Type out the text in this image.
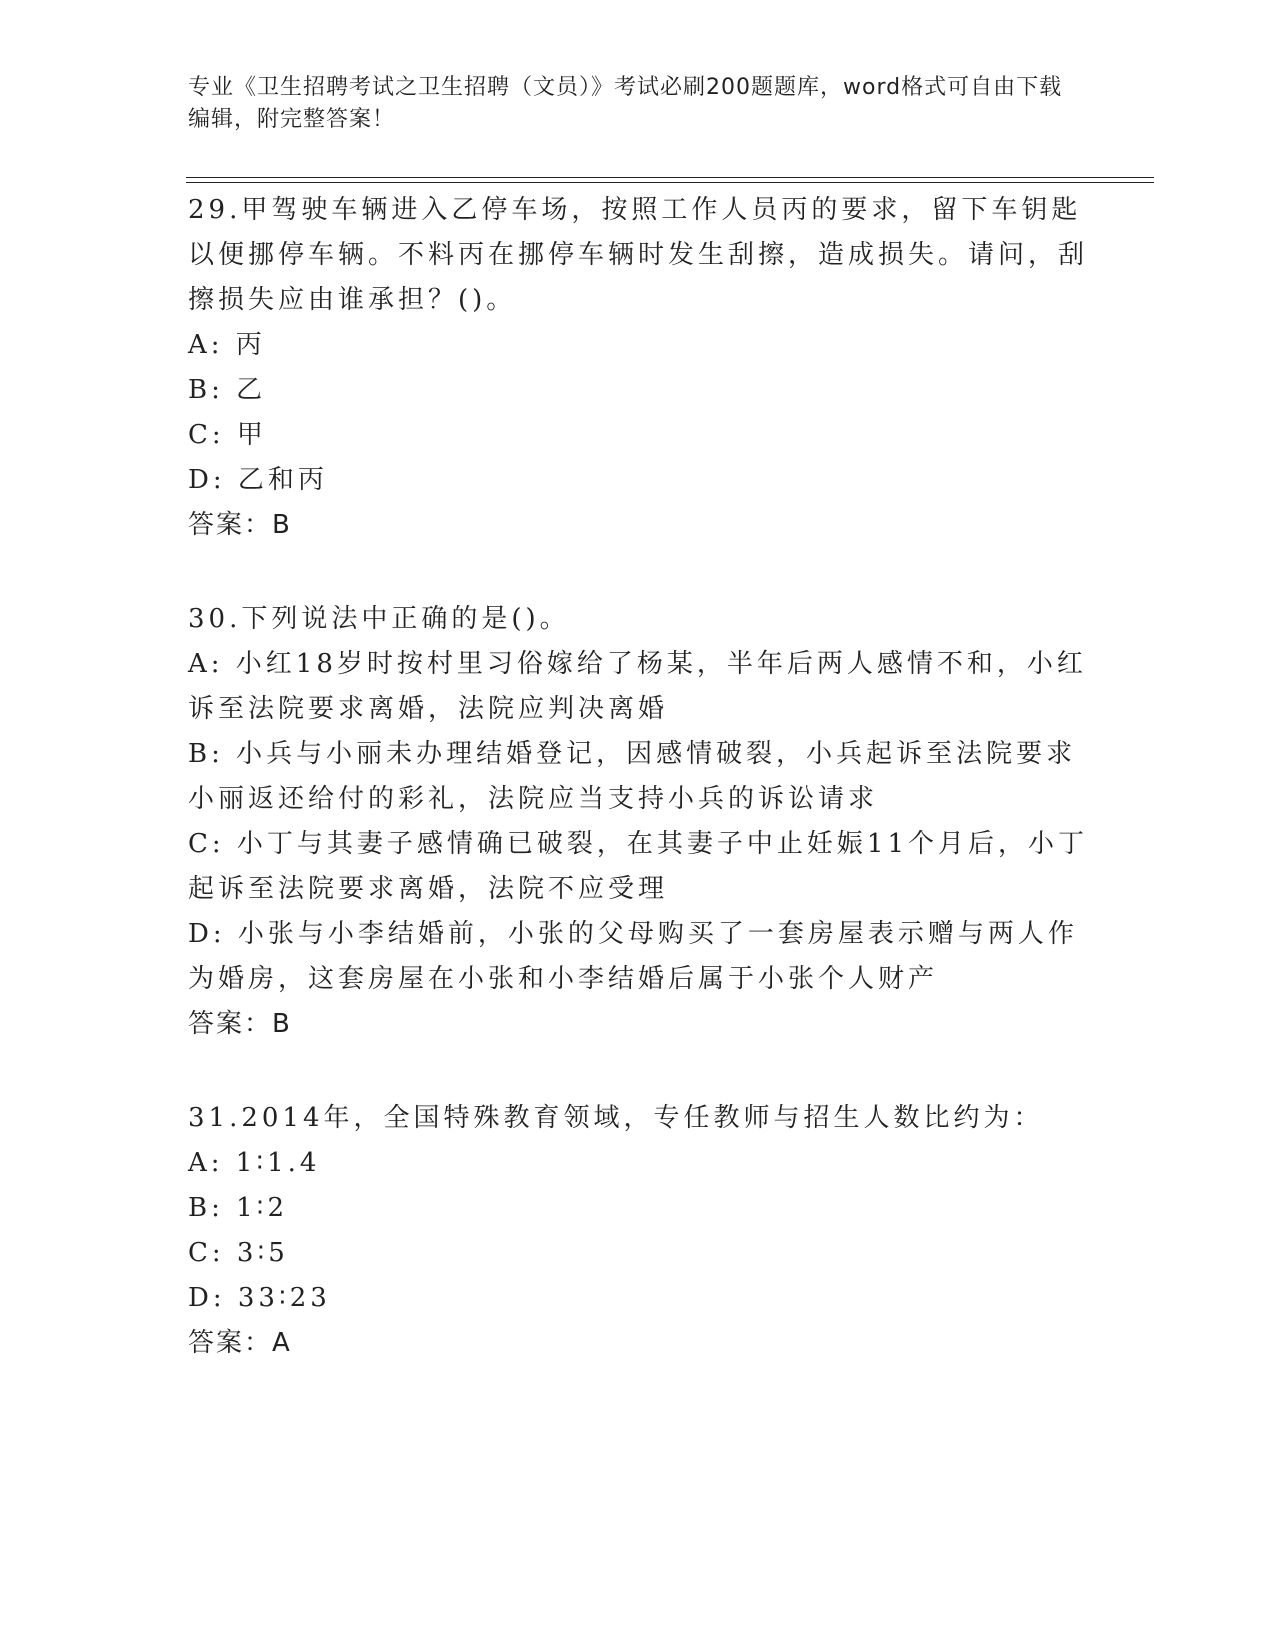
专业《卫生招聘考试之卫生招聘（文员）》考试必刷200题题库，word格式可自由下载编辑，附完整答案！

29.甲驾驶车辆进入乙停车场，按照工作人员丙的要求，留下车钥匙以便挪停车辆。不料丙在挪停车辆时发生刮擦，造成损失。请问，刮擦损失应由谁承担？()。

A: 丙

B: 乙

C: 甲

D: 乙和丙

答案：B

30.下列说法中正确的是()。

A: 小红18岁时按村里习俗嫁给了杨某，半年后两人感情不和，小红诉至法院要求离婚，法院应判决离婚

B: 小兵与小丽未办理结婚登记，因感情破裂，小兵起诉至法院要求小丽返还给付的彩礼，法院应当支持小兵的诉讼请求

C: 小丁与其妻子感情确已破裂，在其妻子中止妊娠11个月后，小丁起诉至法院要求离婚，法院不应受理

D: 小张与小李结婚前，小张的父母购买了一套房屋表示赠与两人作为婚房，这套房屋在小张和小李结婚后属于小张个人财产

答案：B

31.2014年，全国特殊教育领域，专任教师与招生人数比约为：

A: 1∶1.4

B: 1∶2

C: 3∶5

D: 33∶23

答案：A
